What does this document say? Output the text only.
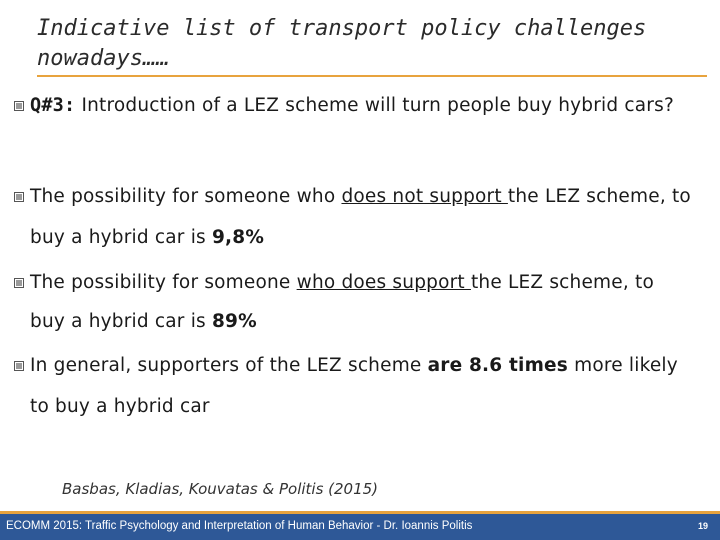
Indicative list of transport policy challenges nowadays……
Q#3: Introduction of a LEZ scheme will turn people buy hybrid cars?
The possibility for someone who does not support the LEZ scheme, to
buy a hybrid car is 9,8%
The possibility for someone who does support the LEZ scheme, to
buy a hybrid car is 89%
In general, supporters of the LEZ scheme are 8.6 times more likely
to buy a hybrid car
Basbas, Kladias, Kouvatas & Politis (2015)
ECOMM 2015: Traffic Psychology and Interpretation of Human Behavior - Dr. Ioannis Politis	19
